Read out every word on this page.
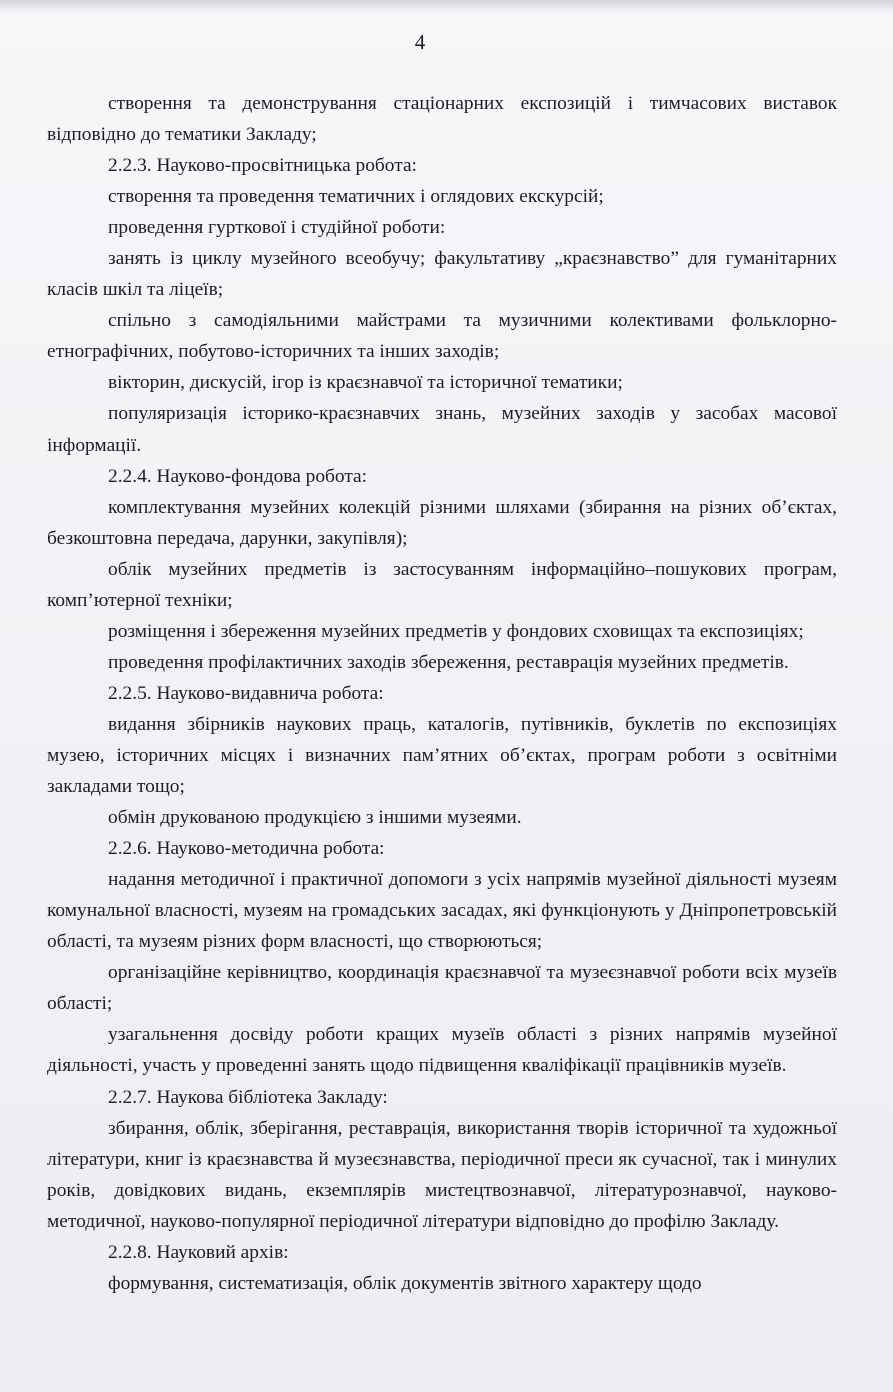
4

створення та демонстрування стаціонарних експозицій і тимчасових виставок відповідно до тематики Закладу;

2.2.3. Науково-просвітницька робота:

створення та проведення тематичних і оглядових екскурсій;

проведення гурткової і студійної роботи:

занять із циклу музейного всеобучу; факультативу „краєзнавство” для гуманітарних класів шкіл та ліцеїв;

спільно з самодіяльними майстрами та музичними колективами фольклорно-етнографічних, побутово-історичних та інших заходів;

вікторин, дискусій, ігор із краєзнавчої та історичної тематики;

популяризація історико-краєзнавчих знань, музейних заходів у засобах масової інформації.

2.2.4. Науково-фондова робота:

комплектування музейних колекцій різними шляхами (збирання на різних об’єктах, безкоштовна передача, дарунки, закупівля);

облік музейних предметів із застосуванням інформаційно–пошукових програм, комп’ютерної техніки;

розміщення і збереження музейних предметів у фондових сховищах та експозиціях;

проведення профілактичних заходів збереження, реставрація музейних предметів.

2.2.5. Науково-видавнича робота:

видання збірників наукових праць, каталогів, путівників, буклетів по експозиціях музею, історичних місцях і визначних пам’ятних об’єктах, програм роботи з освітніми закладами тощо;

обмін друкованою продукцією з іншими музеями.

2.2.6. Науково-методична робота:

надання методичної і практичної допомоги з усіх напрямів музейної діяльності музеям комунальної власності, музеям на громадських засадах, які функціонують у Дніпропетровській області, та музеям різних форм власності, що створюються;

організаційне керівництво, координація краєзнавчої та музеєзнавчої роботи всіх музеїв області;

узагальнення досвіду роботи кращих музеїв області з різних напрямів музейної діяльності, участь у проведенні занять щодо підвищення кваліфікації працівників музеїв.

2.2.7. Наукова бібліотека Закладу:

збирання, облік, зберігання, реставрація, використання творів історичної та художньої літератури, книг із краєзнавства й музеєзнавства, періодичної преси як сучасної, так і минулих років, довідкових видань, екземплярів мистецтвознавчої, літературознавчої, науково-методичної, науково-популярної періодичної літератури відповідно до профілю Закладу.

2.2.8. Науковий архів:

формування, систематизація, облік документів звітного характеру щодо
